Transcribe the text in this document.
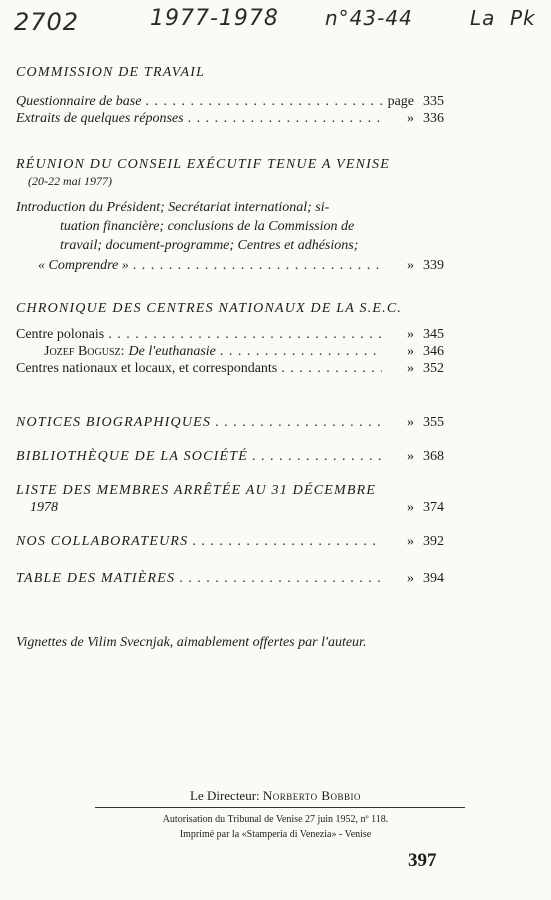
2702	1977-1978 n°43-44	La Pk
COMMISSION DE TRAVAIL
Questionnaire de base . . .	page 335
Extraits de quelques réponses . . .	» 336
RÉUNION DU CONSEIL EXÉCUTIF TENUE A VENISE
(20-22 mai 1977)
Introduction du Président; Secrétariat international; si-
tuation financière; conclusions de la Commission de
travail; document-programme; Centres et adhésions;
« Comprendre » . . .	» 339
CHRONIQUE DES CENTRES NATIONAUX DE LA S.E.C.
Centre polonais . . .	» 345
Jozef Bogusz: De l'euthanasie . . .	» 346
Centres nationaux et locaux, et correspondants . . .	» 352
NOTICES BIOGRAPHIQUES . . .	» 355
BIBLIOTHÈQUE DE LA SOCIÉTÉ . . .	» 368
LISTE DES MEMBRES ARRÊTÉE AU 31 DÉCEMBRE
1978	» 374
NOS COLLABORATEURS . . .	» 392
TABLE DES MATIÈRES . . .	» 394
Vignettes de Vilim Svecnjak, aimablement offertes par l'auteur.
Le Directeur: Norberto Bobbio
Autorisation du Tribunal de Venise 27 juin 1952, nº 118.
Imprimé par la «Stamperia di Venezia» - Venise
397
